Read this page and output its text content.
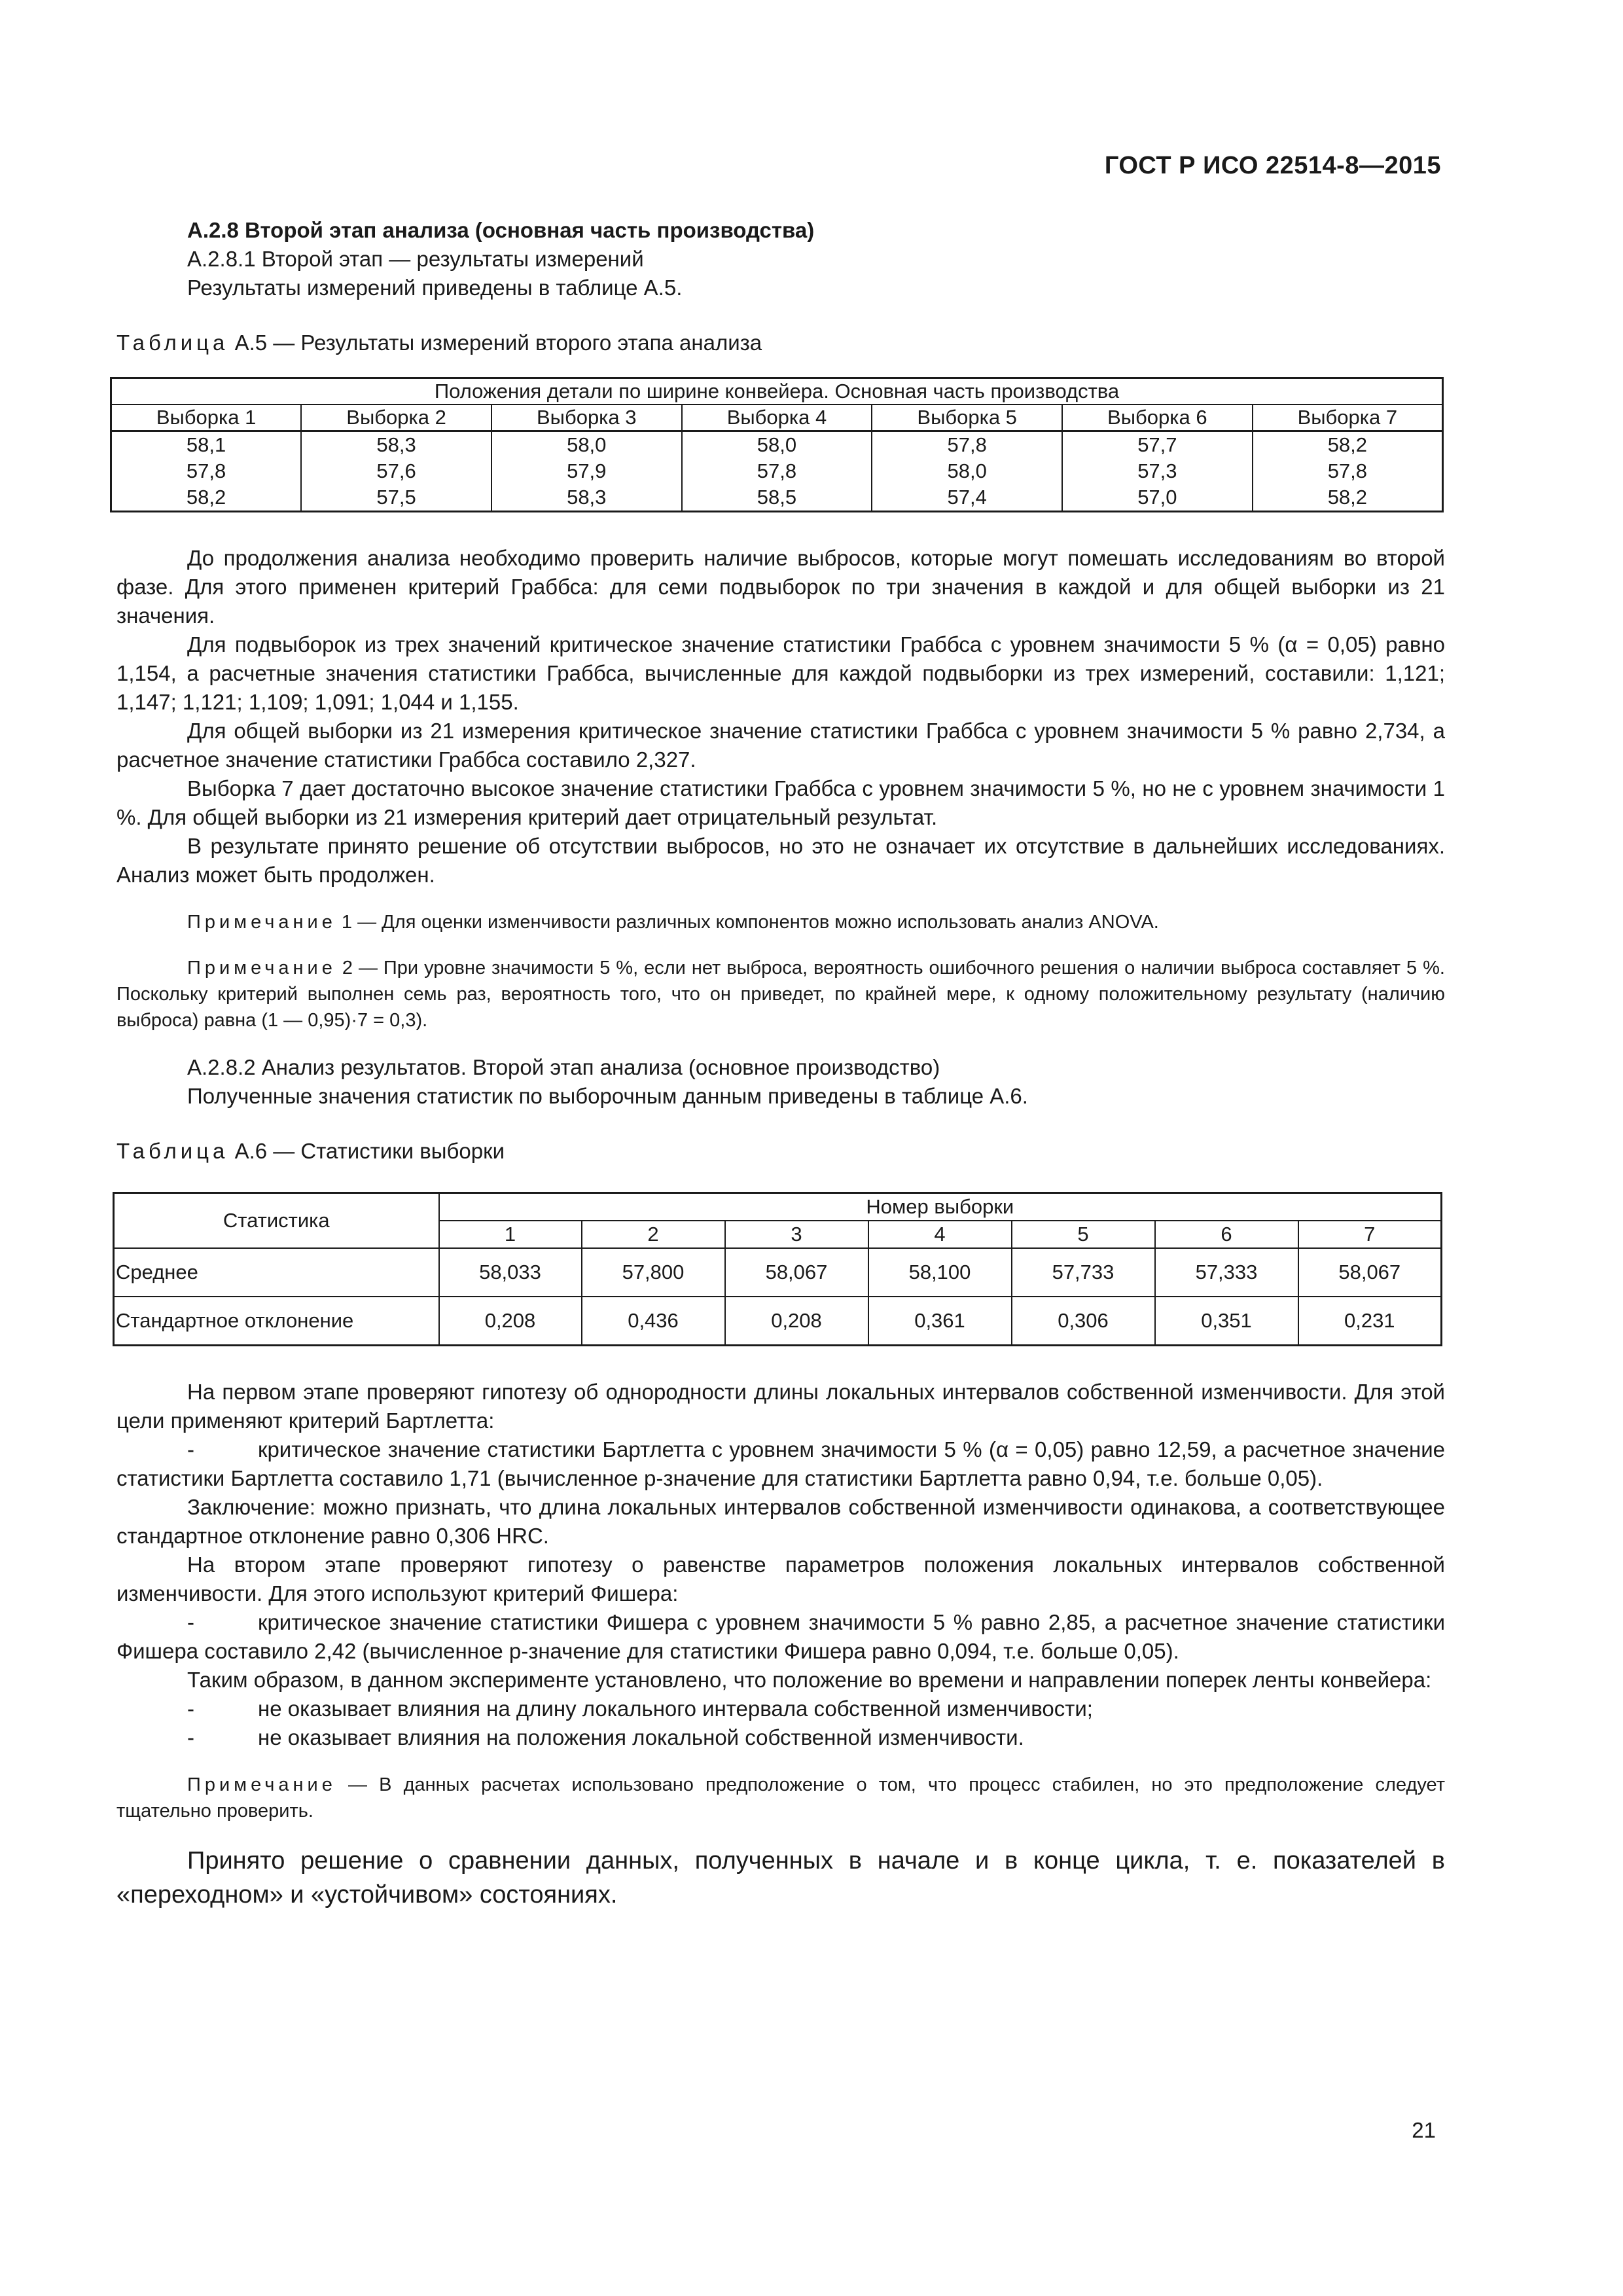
ГОСТ Р ИСО 22514-8—2015

А.2.8 Второй этап анализа (основная часть производства)

А.2.8.1 Второй этап — результаты измерений

Результаты измерений приведены в таблице А.5.

Таблица А.5 — Результаты измерений второго этапа анализа

Положения детали по ширине конвейера. Основная часть производства						
Выборка 1	Выборка 2	Выборка 3	Выборка 4	Выборка 5	Выборка 6	Выборка 7
58,1	58,3	58,0	58,0	57,8	57,7	58,2
57,8	57,6	57,9	57,8	58,0	57,3	57,8
58,2	57,5	58,3	58,5	57,4	57,0	58,2

До продолжения анализа необходимо проверить наличие выбросов, которые могут помешать исследованиям во второй фазе. Для этого применен критерий Граббса: для семи подвыборок по три значения в каждой и для общей выборки из 21 значения.

Для подвыборок из трех значений критическое значение статистики Граббса с уровнем значимости 5 % (α = 0,05) равно 1,154, а расчетные значения статистики Граббса, вычисленные для каждой подвыборки из трех измерений, составили: 1,121; 1,147; 1,121; 1,109; 1,091; 1,044 и 1,155.

Для общей выборки из 21 измерения критическое значение статистики Граббса с уровнем значимости 5 % равно 2,734, а расчетное значение статистики Граббса составило 2,327.

Выборка 7 дает достаточно высокое значение статистики Граббса с уровнем значимости 5 %, но не с уровнем значимости 1 %. Для общей выборки из 21 измерения критерий дает отрицательный результат.

В результате принято решение об отсутствии выбросов, но это не означает их отсутствие в дальнейших исследованиях. Анализ может быть продолжен.

Примечание 1 — Для оценки изменчивости различных компонентов можно использовать анализ ANOVA.

Примечание 2 — При уровне значимости 5 %, если нет выброса, вероятность ошибочного решения о наличии выброса составляет 5 %. Поскольку критерий выполнен семь раз, вероятность того, что он приведет, по крайней мере, к одному положительному результату (наличию выброса) равна (1 — 0,95)·7 = 0,3).

А.2.8.2 Анализ результатов. Второй этап анализа (основное производство)

Полученные значения статистик по выборочным данным приведены в таблице А.6.

Таблица А.6 — Статистики выборки

Статистика	Номер выборки						
	1	2	3	4	5	6	7
Среднее	58,033	57,800	58,067	58,100	57,733	57,333	58,067
Стандартное отклонение	0,208	0,436	0,208	0,361	0,306	0,351	0,231

На первом этапе проверяют гипотезу об однородности длины локальных интервалов собственной изменчивости. Для этой цели применяют критерий Бартлетта:

-	критическое значение статистики Бартлетта с уровнем значимости 5 % (α = 0,05) равно 12,59, а расчетное значение статистики Бартлетта составило 1,71 (вычисленное p-значение для статистики Бартлетта равно 0,94, т.е. больше 0,05).

Заключение: можно признать, что длина локальных интервалов собственной изменчивости одинакова, а соответствующее стандартное отклонение равно 0,306 HRC.

На втором этапе проверяют гипотезу о равенстве параметров положения локальных интервалов собственной изменчивости. Для этого используют критерий Фишера:

-	критическое значение статистики Фишера с уровнем значимости 5 % равно 2,85, а расчетное значение статистики Фишера составило 2,42 (вычисленное p-значение для статистики Фишера равно 0,094, т.е. больше 0,05).

Таким образом, в данном эксперименте установлено, что положение во времени и направлении поперек ленты конвейера:

-	не оказывает влияния на длину локального интервала собственной изменчивости;

-	не оказывает влияния на положения локальной собственной изменчивости.

Примечание — В данных расчетах использовано предположение о том, что процесс стабилен, но это предположение следует тщательно проверить.

Принято решение о сравнении данных, полученных в начале и в конце цикла, т. е. показателей в «переходном» и «устойчивом» состояниях.

21
